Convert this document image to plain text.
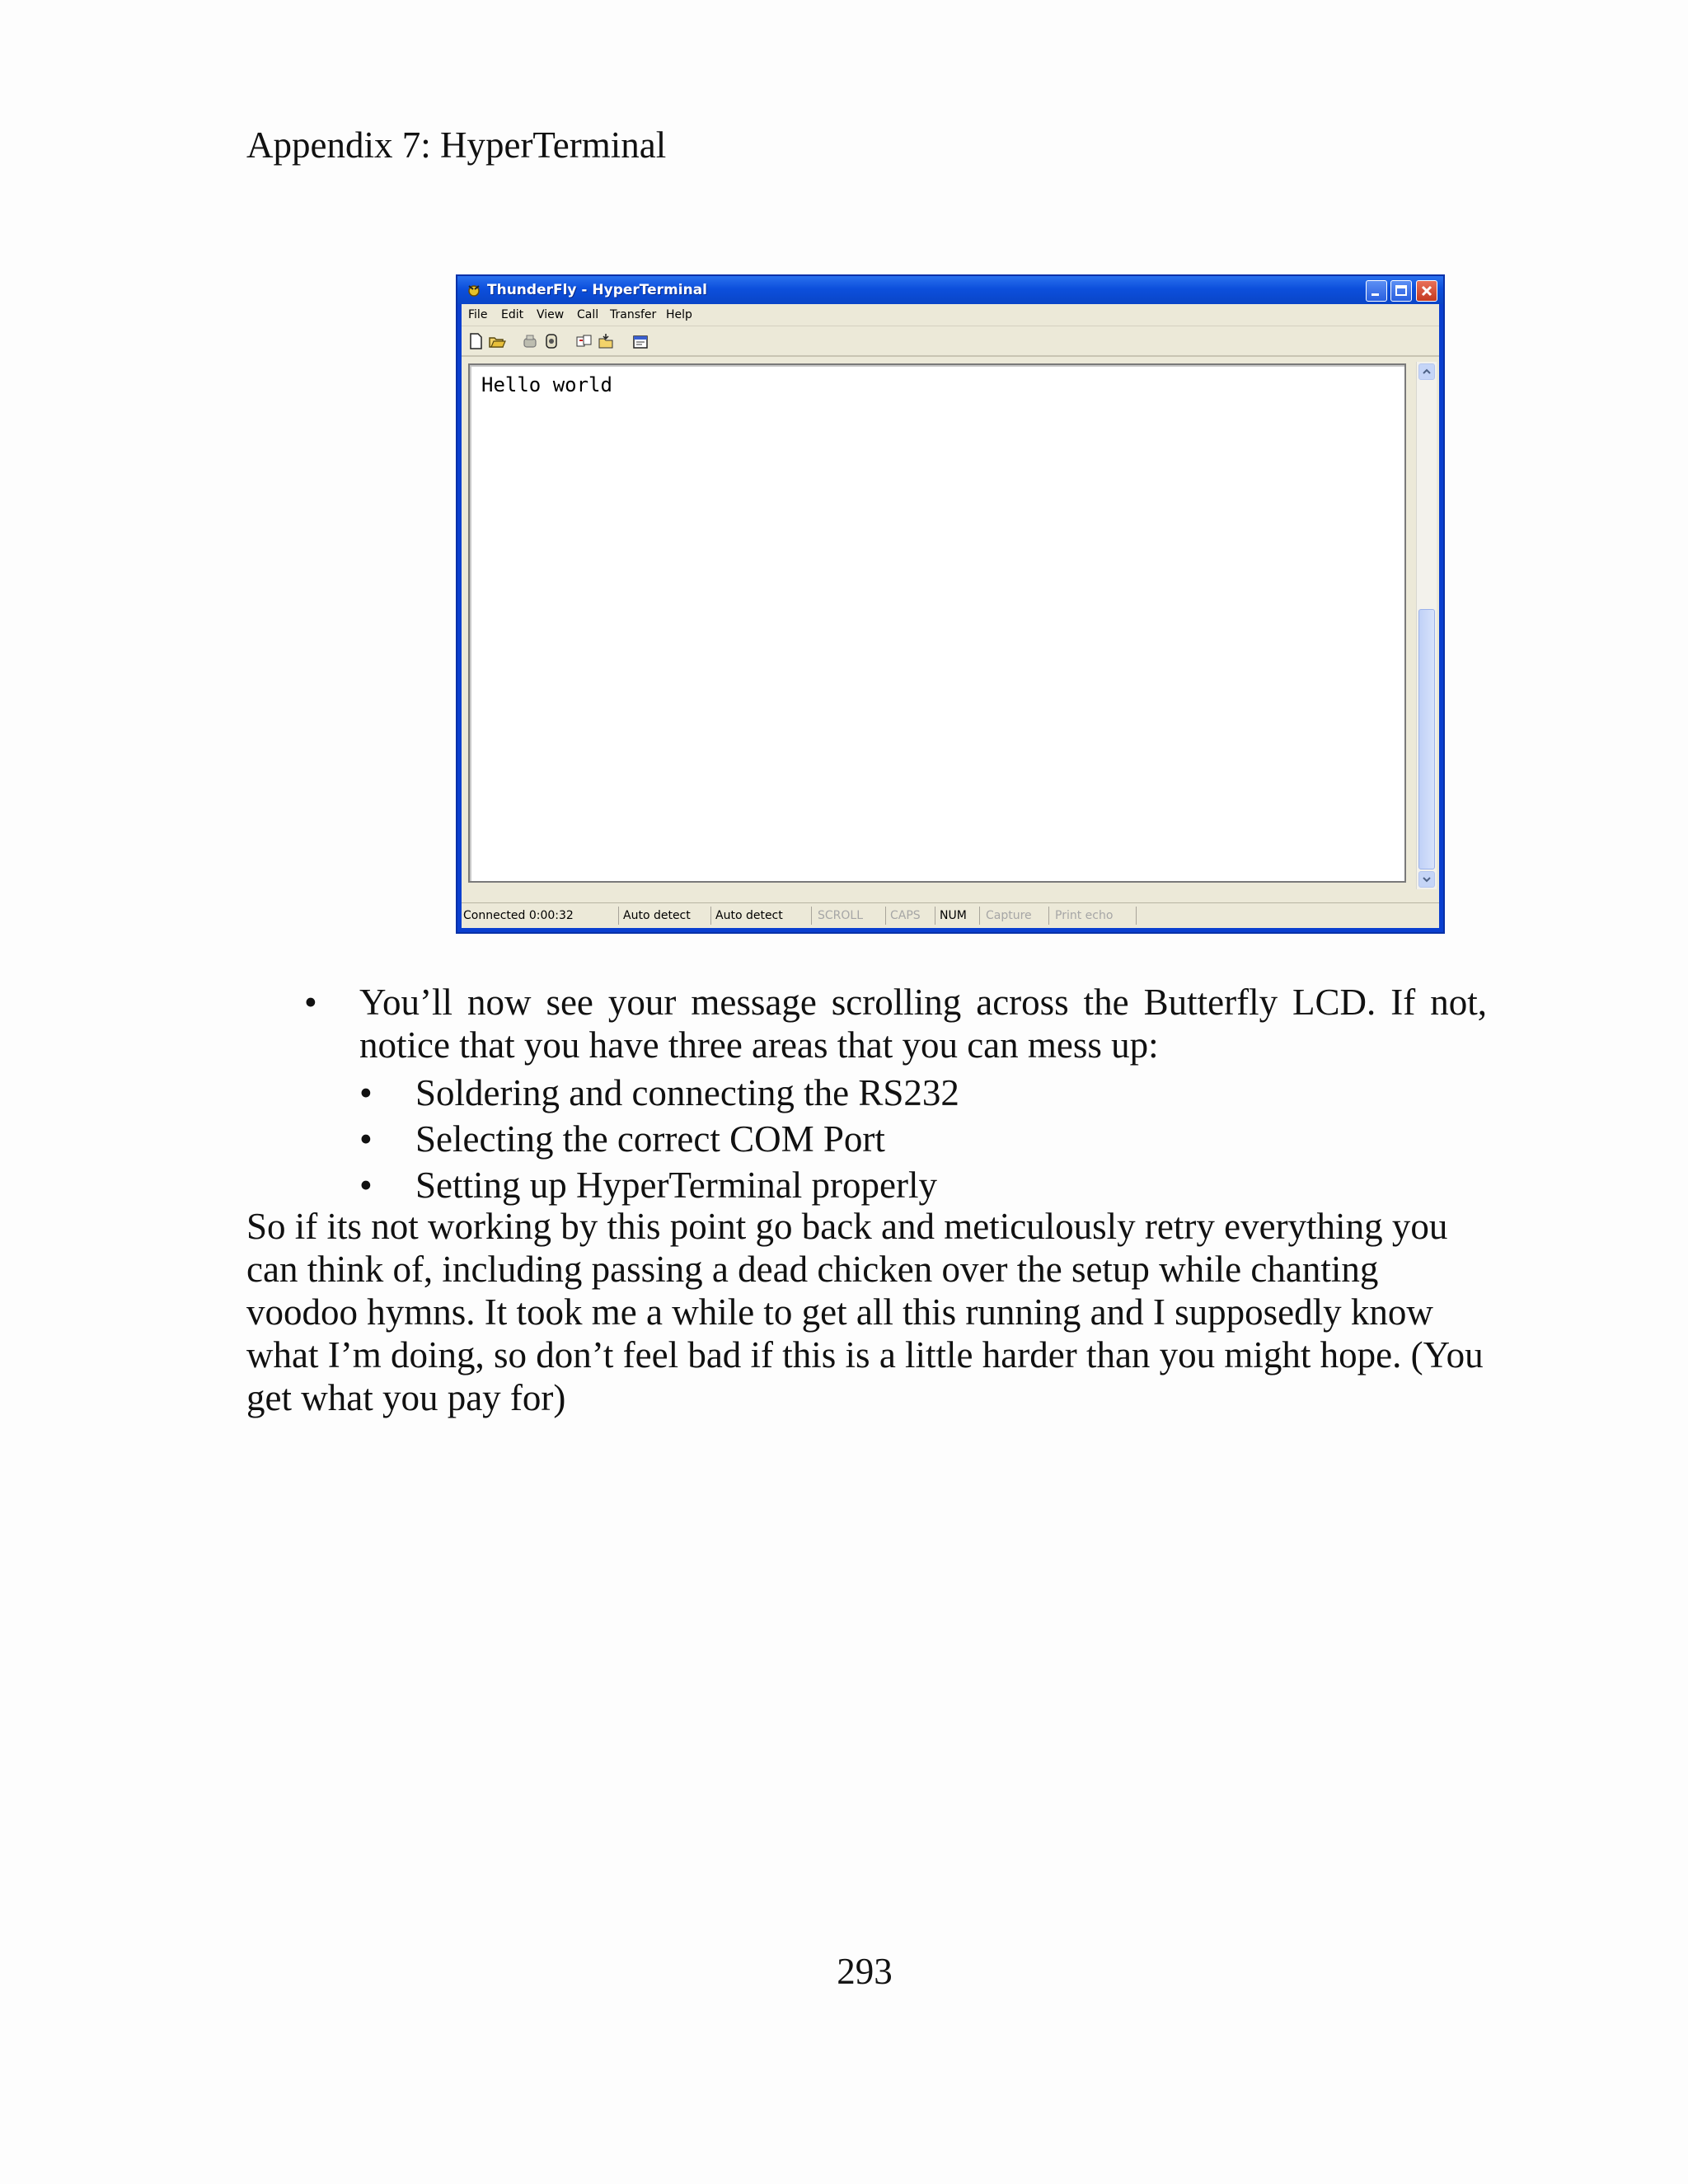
Appendix 7: HyperTerminal
ThunderFly - HyperTerminal
File Edit View Call Transfer Help
Hello world
Connected 0:00:32	Auto detect Auto detect	SCROLL CAPS NUM Capture Print echo
• You’ll now see your message scrolling across the Butterfly LCD. If not, notice that you have three areas that you can mess up:
• Soldering and connecting the RS232
• Selecting the correct COM Port
• Setting up HyperTerminal properly

So if its not working by this point go back and meticulously retry everything you can think of, including passing a dead chicken over the setup while chanting voodoo hymns. It took me a while to get all this running and I supposedly know what I’m doing, so don’t feel bad if this is a little harder than you might hope. (You get what you pay for)

293
